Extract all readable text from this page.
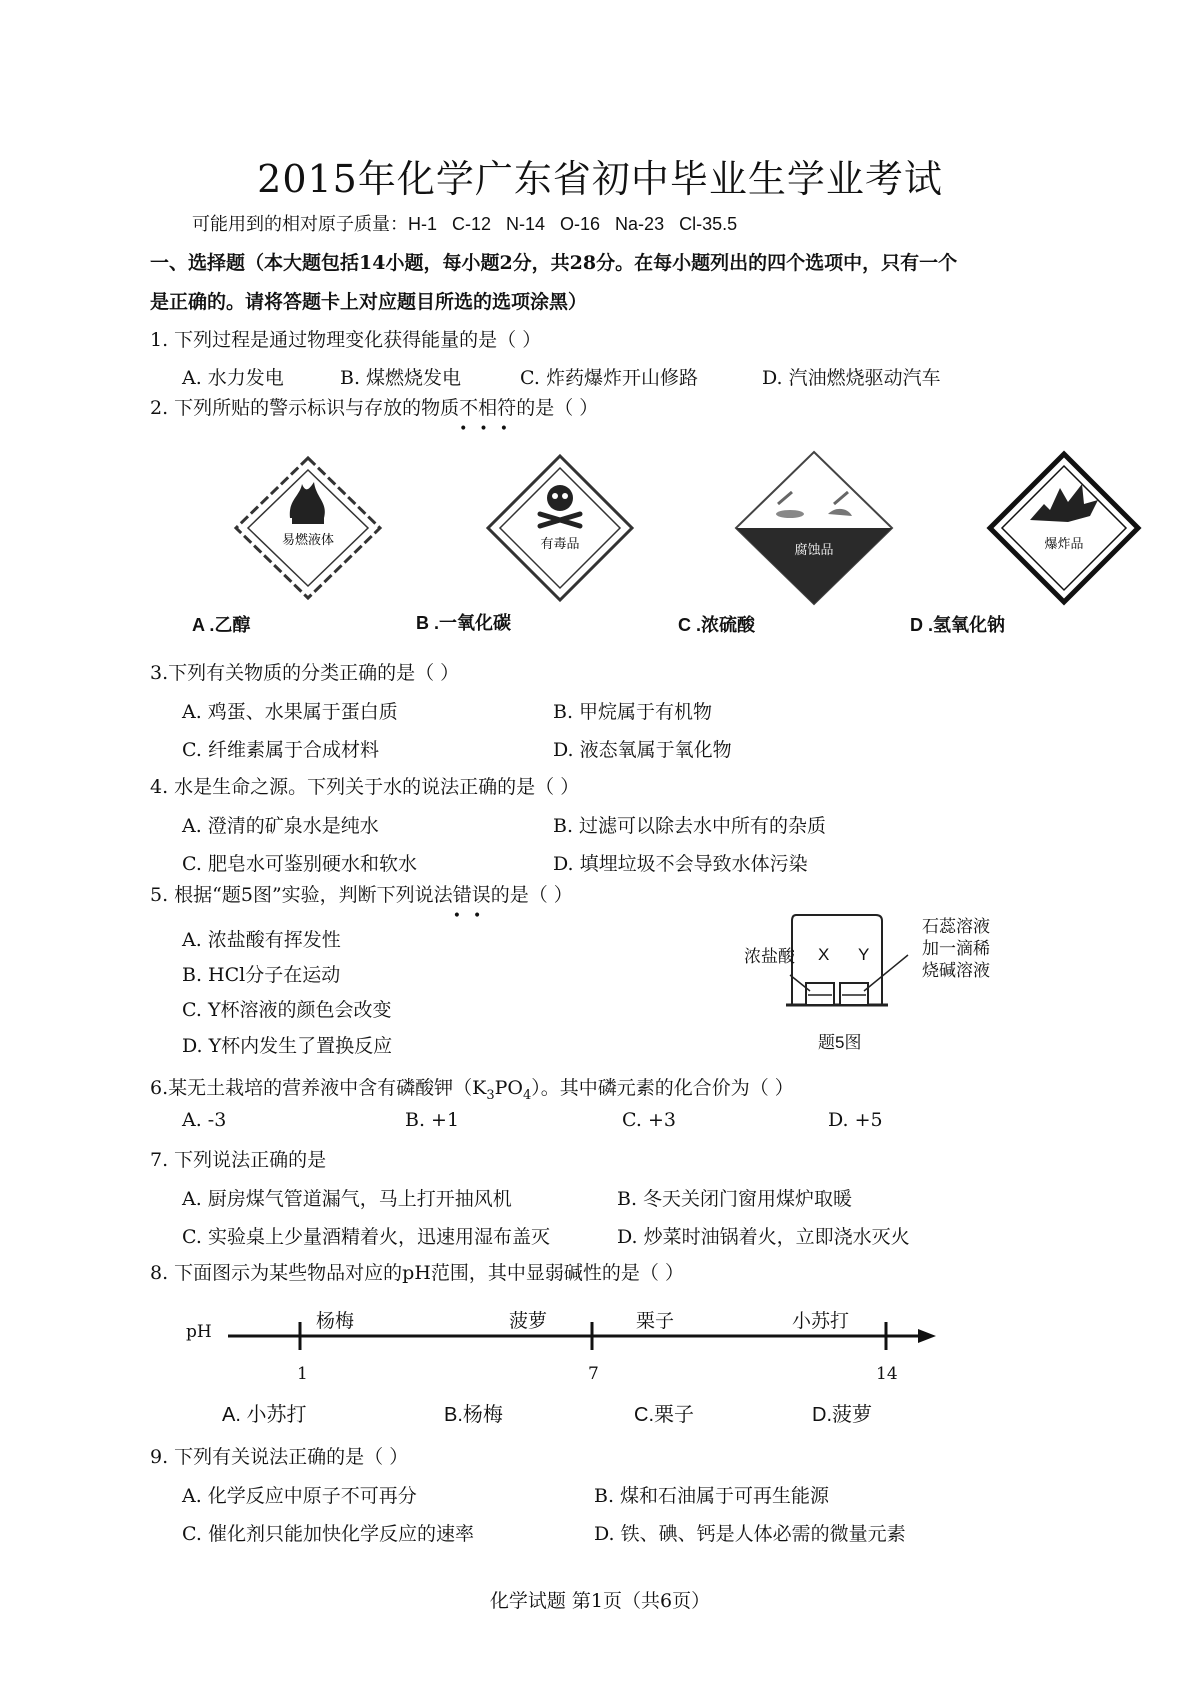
2015年化学广东省初中毕业生学业考试
可能用到的相对原子质量：H-1 C-12 N-14 O-16 Na-23 Cl-35.5
一、选择题（本大题包括14小题，每小题2分，共28分。在每小题列出的四个选项中，只有一个
是正确的。请将答题卡上对应题目所选的选项涂黑）
1. 下列过程是通过物理变化获得能量的是（ ）
A. 水力发电	B. 煤燃烧发电	C. 炸药爆炸开山修路	D. 汽油燃烧驱动汽车
2. 下列所贴的警示标识与存放的物质不相符
•••
的是（ ）
易燃液体	有毒品	腐蚀品	爆炸品
A .乙醇	B .一氧化碳	C .浓硫酸	D .氢氧化钠
3.下列有关物质的分类正确的是（ ）
A. 鸡蛋、水果属于蛋白质	B. 甲烷属于有机物
C. 纤维素属于合成材料	D. 液态氧属于氧化物
4. 水是生命之源。下列关于水的说法正确的是（ ）
A. 澄清的矿泉水是纯水	B. 过滤可以除去水中所有的杂质
C. 肥皂水可鉴别硬水和软水	D. 填埋垃圾不会导致水体污染
5. 根据“题5图”实验，判断下列说法错误
••
的是（ ）
A. 浓盐酸有挥发性
B. HCl分子在运动
C. Y杯溶液的颜色会改变
D. Y杯内发生了置换反应
浓盐酸 X Y
石蕊溶液
加一滴稀
烧碱溶液
题5图
6.某无土栽培的营养液中含有磷酸钾$(K_3PO_4)$。其中磷元素的化合价为（ ）
A. -3	B. +1	C. +3	D. +5
7. 下列说法正确的是
A. 厨房煤气管道漏气，马上打开抽风机	B. 冬天关闭门窗用煤炉取暖
C. 实验桌上少量酒精着火，迅速用湿布盖灭	D. 炒菜时油锅着火，立即浇水灭火
8. 下面图示为某些物品对应的pH范围，其中显弱碱性的是（ ）
pH	杨梅	菠萝	栗子	小苏打
1	7	14
A. 小苏打	B.杨梅	C.栗子	D.菠萝
9. 下列有关说法正确的是（ ）
A. 化学反应中原子不可再分	B. 煤和石油属于可再生能源
C. 催化剂只能加快化学反应的速率	D. 铁、碘、钙是人体必需的微量元素
化学试题 第1页（共6页）
